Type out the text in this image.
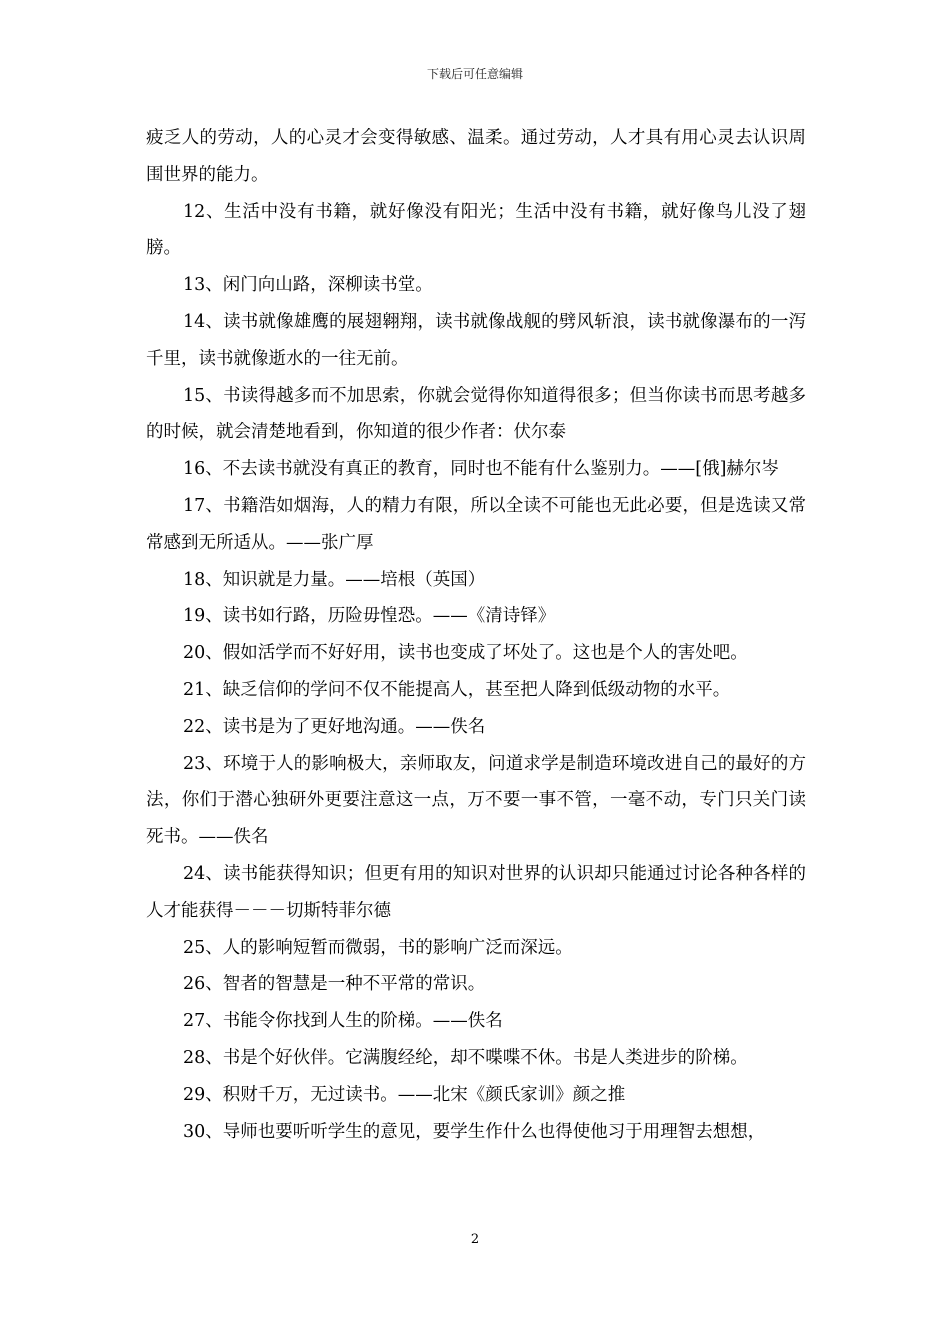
下载后可任意编辑

疲乏人的劳动，人的心灵才会变得敏感、温柔。通过劳动，人才具有用心灵去认识周围世界的能力。

12、生活中没有书籍，就好像没有阳光；生活中没有书籍，就好像鸟儿没了翅膀。

13、闲门向山路，深柳读书堂。

14、读书就像雄鹰的展翅翱翔，读书就像战舰的劈风斩浪，读书就像瀑布的一泻千里，读书就像逝水的一往无前。

15、书读得越多而不加思索，你就会觉得你知道得很多；但当你读书而思考越多的时候，就会清楚地看到，你知道的很少作者：伏尔泰

16、不去读书就没有真正的教育，同时也不能有什么鉴别力。——[俄]赫尔岑

17、书籍浩如烟海，人的精力有限，所以全读不可能也无此必要，但是选读又常常感到无所适从。——张广厚

18、知识就是力量。——培根（英国）

19、读书如行路，历险毋惶恐。——《清诗铎》

20、假如活学而不好好用，读书也变成了坏处了。这也是个人的害处吧。

21、缺乏信仰的学问不仅不能提高人，甚至把人降到低级动物的水平。

22、读书是为了更好地沟通。——佚名

23、环境于人的影响极大，亲师取友，问道求学是制造环境改进自己的最好的方法，你们于潜心独研外更要注意这一点，万不要一事不管，一毫不动，专门只关门读死书。——佚名

24、读书能获得知识；但更有用的知识对世界的认识却只能通过讨论各种各样的人才能获得－－－切斯特菲尔德

25、人的影响短暂而微弱，书的影响广泛而深远。

26、智者的智慧是一种不平常的常识。

27、书能令你找到人生的阶梯。——佚名

28、书是个好伙伴。它满腹经纶，却不喋喋不休。书是人类进步的阶梯。

29、积财千万，无过读书。——北宋《颜氏家训》颜之推

30、导师也要听听学生的意见，要学生作什么也得使他习于用理智去想想，

2
